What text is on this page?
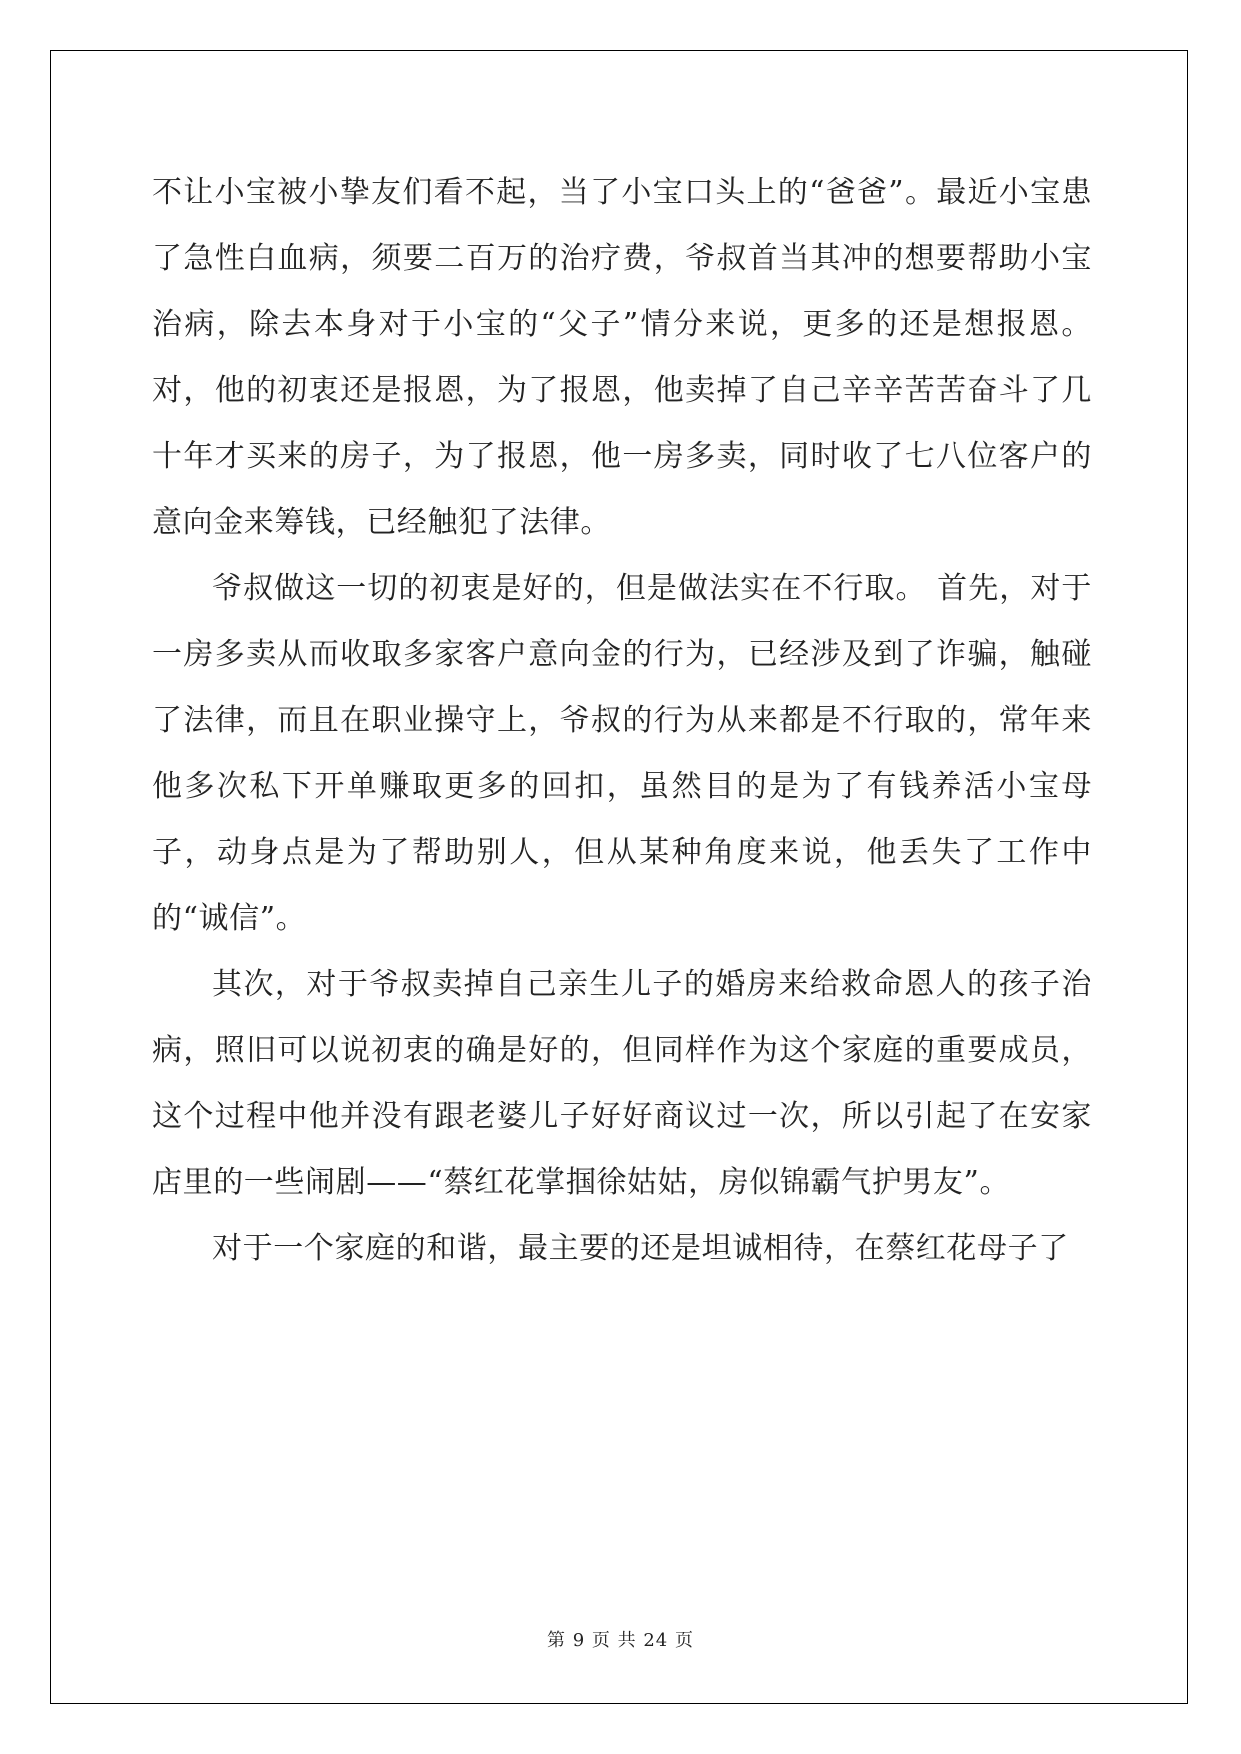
不让小宝被小挚友们看不起，当了小宝口头上的“爸爸”。最近小宝患了急性白血病，须要二百万的治疗费，爷叔首当其冲的想要帮助小宝治病，除去本身对于小宝的“父子”情分来说，更多的还是想报恩。对，他的初衷还是报恩，为了报恩，他卖掉了自己辛辛苦苦奋斗了几十年才买来的房子，为了报恩，他一房多卖，同时收了七八位客户的意向金来筹钱，已经触犯了法律。

爷叔做这一切的初衷是好的，但是做法实在不行取。 首先，对于一房多卖从而收取多家客户意向金的行为，已经涉及到了诈骗，触碰了法律，而且在职业操守上，爷叔的行为从来都是不行取的，常年来他多次私下开单赚取更多的回扣，虽然目的是为了有钱养活小宝母子，动身点是为了帮助别人，但从某种角度来说，他丢失了工作中的“诚信”。

其次，对于爷叔卖掉自己亲生儿子的婚房来给救命恩人的孩子治病，照旧可以说初衷的确是好的，但同样作为这个家庭的重要成员，这个过程中他并没有跟老婆儿子好好商议过一次，所以引起了在安家店里的一些闹剧——“蔡红花掌掴徐姑姑，房似锦霸气护男友”。

对于一个家庭的和谐，最主要的还是坦诚相待，在蔡红花母子了

第 9 页 共 24 页
